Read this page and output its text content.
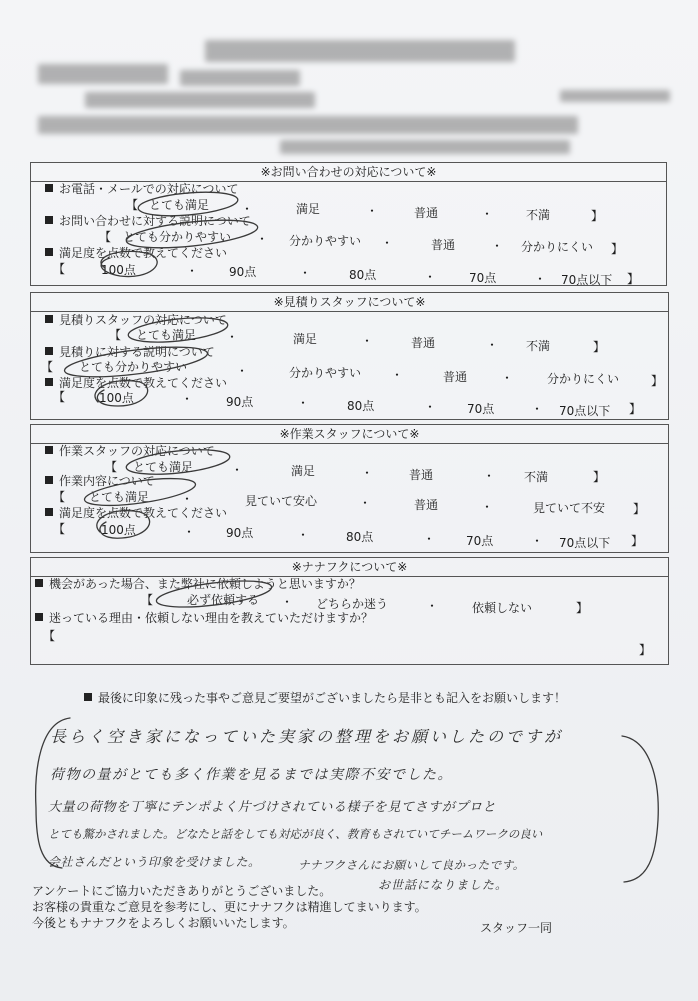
※お問い合わせの対応について※
お電話・メールでの対応について
【 とても満足	・	満足	・	普通	・	不満	】
お問い合わせに対する説明について
【 とても分かりやすい ・ 分かりやすい ・	普通	・ 分かりにくい 】
満足度を点数で教えてください
【	100点	・	90点	・	80点	・	70点	・ 70点以下 】
※見積りスタッフについて※
見積りスタッフの対応について
【 とても満足 ・	満足	・	普通	・ 不満	】
見積りに対する説明について
【 とても分かりやすい	・	分かりやすい ・	普通	・	分かりにくい	】
満足度を点数で教えてください
【	100点	・	90点	・	80点	・	70点	・ 70点以下 】
※作業スタッフについて※
作業スタッフの対応について
【 とても満足	・	満足	・	普通	・ 不満	】
作業内容について
【 とても満足	・	見ていて安心	・	普通	・	見ていて不安 】
満足度を点数で教えてください
【	100点	・	90点	・	80点	・	70点	・ 70点以下 】
※ナナフクについて※
機会があった場合、また弊社に依頼しようと思いますか？
【	必ず依頼する ・ どちらか迷う	・	依頼しない	】
迷っている理由・依頼しない理由を教えていただけますか？
【
】
最後に印象に残った事やご意見ご要望がございましたら是非とも記入をお願いします！
長らく空き家になっていた実家の整理をお願いしたのですが
荷物の量がとても多く作業を見るまでは実際不安でした。
大量の荷物を丁寧にテンポよく片づけされている様子を見てさすがプロと
とても驚かされました。どなたと話をしても対応が良く、教育もされていてチームワークの良い
会社さんだという印象を受けました。	ナナフクさんにお願いして良かったです。
お世話になりました。
アンケートにご協力いただきありがとうございました。
お客様の貴重なご意見を参考にし、更にナナフクは精進してまいります。
今後ともナナフクをよろしくお願いいたします。	スタッフ一同
